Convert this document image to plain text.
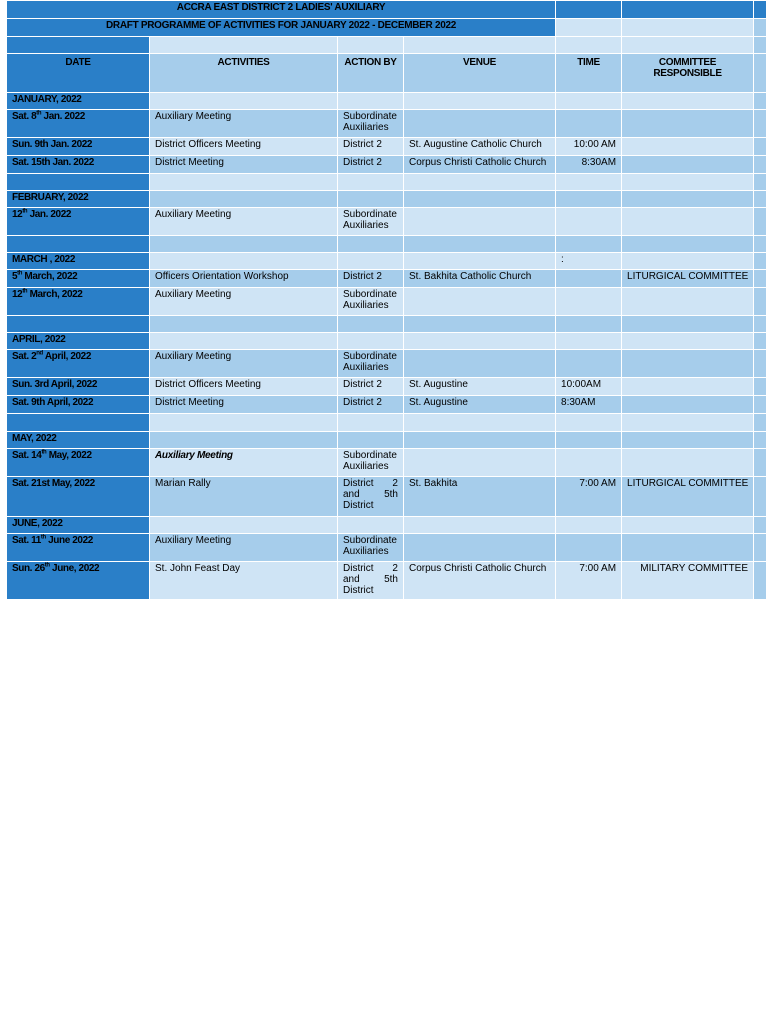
ACCRA EAST DISTRICT 2 LADIES' AUXILIARY						
DRAFT PROGRAMME OF ACTIVITIES FOR JANUARY 2022 - DECEMBER 2022						

DATE	ACTIVITIES	ACTION BY	VENUE	TIME	COMMITTEE
RESPONSIBLE	
JANUARY, 2022						
Sat. 8th Jan. 2022	Auxiliary Meeting	Subordinate Auxiliaries				
Sun. 9th Jan. 2022	District Officers Meeting	District 2	St. Augustine Catholic Church	10:00 AM		
Sat. 15th Jan. 2022	District Meeting	District 2	Corpus Christi Catholic Church	8:30AM		

FEBRUARY, 2022						
12th Jan. 2022	Auxiliary Meeting	Subordinate Auxiliaries				

MARCH , 2022				:		
5th March, 2022	Officers Orientation Workshop	District 2	St. Bakhita Catholic Church		LITURGICAL COMMITTEE	
12th March, 2022	Auxiliary Meeting	Subordinate Auxiliaries				

APRIL, 2022						
Sat. 2nd April, 2022	Auxiliary Meeting	Subordinate Auxiliaries				
Sun. 3rd April, 2022	District Officers Meeting	District 2	St. Augustine	10:00AM		
Sat. 9th April, 2022	District Meeting	District 2	St. Augustine	8:30AM		

MAY, 2022						
Sat. 14th May, 2022	Auxiliary Meeting	Subordinate Auxiliaries				
Sat. 21st May, 2022	Marian Rally	District 2
and 5th
District	St. Bakhita	7:00 AM	LITURGICAL COMMITTEE	
JUNE, 2022						
Sat. 11th June 2022	Auxiliary Meeting	Subordinate Auxiliaries				
Sun. 26th June, 2022	St. John Feast Day	District 2
and 5th
District	Corpus Christi Catholic Church	7:00 AM	MILITARY COMMITTEE	
